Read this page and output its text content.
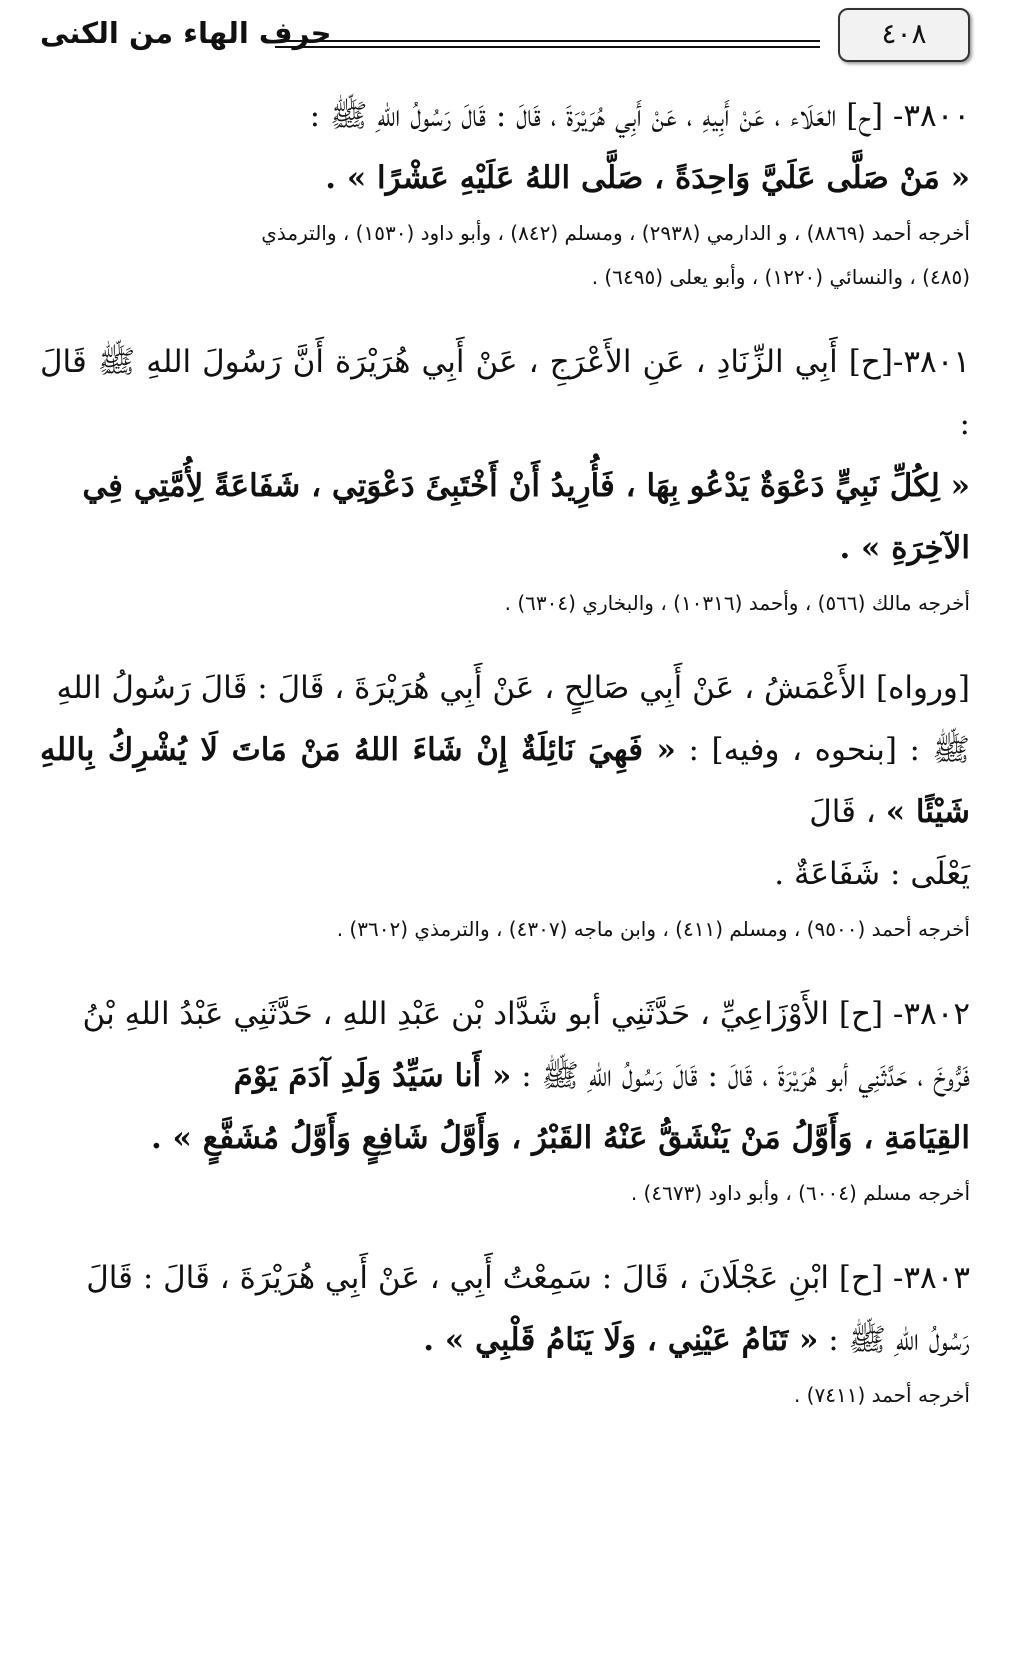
٤٠٨
حرف الهاء من الكنى
٣٨٠٠- [ح] العَلَاء ، عَنْ أَبِيهِ ، عَنْ أَبِي هُرَيْرَةَ ، قَالَ : قَالَ رَسُولُ اللهِ ﷺ :
« مَنْ صَلَّى عَلَيَّ وَاحِدَةً ، صَلَّى اللهُ عَلَيْهِ عَشْرًا » .
أخرجه أحمد (٨٨٦٩) ، و الدارمي (٢٩٣٨) ، ومسلم (٨٤٢) ، وأبو داود (١٥٣٠) ، والترمذي
(٤٨٥) ، والنسائي (١٢٢٠) ، وأبو يعلى (٦٤٩٥) .
٣٨٠١-[ح] أَبِي الزِّنَادِ ، عَنِ الأَعْرَجِ ، عَنْ أَبِي هُرَيْرَة أَنَّ رَسُولَ اللهِ ﷺ قَالَ :
« لِكُلِّ نَبِيٍّ دَعْوَةٌ يَدْعُو بِهَا ، فَأُرِيدُ أَنْ أَخْتَبِئَ دَعْوَتِي ، شَفَاعَةً لِأُمَّتِي فِي الآخِرَةِ » .
أخرجه مالك (٥٦٦) ، وأحمد (١٠٣١٦) ، والبخاري (٦٣٠٤) .
[ورواه] الأَعْمَشُ ، عَنْ أَبِي صَالِحٍ ، عَنْ أَبِي هُرَيْرَةَ ، قَالَ : قَالَ رَسُولُ اللهِ
ﷺ : [بنحوه ، وفيه] : « فَهِيَ نَائِلَةٌ إِنْ شَاءَ اللهُ مَنْ مَاتَ لَا يُشْرِكُ بِاللهِ شَيْئًا » ، قَالَ
يَعْلَى : شَفَاعَةٌ .
أخرجه أحمد (٩٥٠٠) ، ومسلم (٤١١) ، وابن ماجه (٤٣٠٧) ، والترمذي (٣٦٠٢) .
٣٨٠٢- [ح] الأَوْزَاعِيِّ ، حَدَّثَنِي أبو شَدَّاد بْن عَبْدِ اللهِ ، حَدَّثَنِي عَبْدُ اللهِ بْنُ
فَرُّوخَ ، حَدَّثَنِي أبو هُرَيْرَةَ ، قَالَ : قَالَ رَسُولُ اللهِ ﷺ : « أَنا سَيِّدُ وَلَدِ آدَمَ يَوْمَ
القِيَامَةِ ، وَأَوَّلُ مَنْ يَنْشَقُّ عَنْهُ القَبْرُ ، وَأَوَّلُ شَافِعٍ وَأَوَّلُ مُشَفَّعٍ » .
أخرجه مسلم (٦٠٠٤) ، وأبو داود (٤٦٧٣) .
٣٨٠٣- [ح] ابْنِ عَجْلَانَ ، قَالَ : سَمِعْتُ أَبِي ، عَنْ أَبِي هُرَيْرَةَ ، قَالَ : قَالَ
رَسُولُ اللهِ ﷺ : « تَنَامُ عَيْنِي ، وَلَا يَنَامُ قَلْبِي » .
أخرجه أحمد (٧٤١١) .
